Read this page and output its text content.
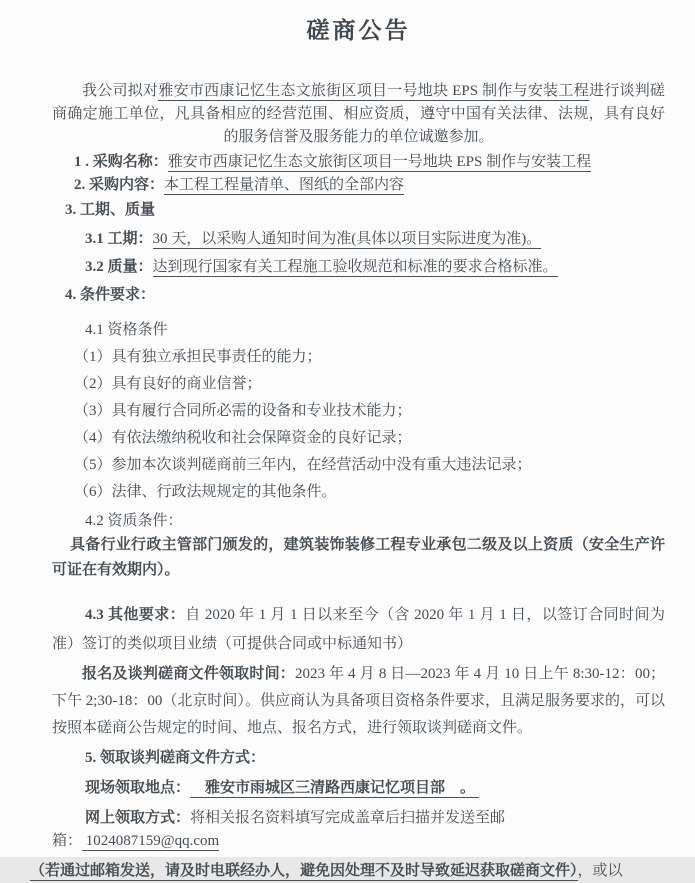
磋商公告

我公司拟对雅安市西康记忆生态文旅街区项目一号地块 EPS 制作与安装工程进行谈判磋商确定施工单位，凡具备相应的经营范围、相应资质，遵守中国有关法律、法规，具有良好的服务信誉及服务能力的单位诚邀参加。

1 . 采购名称：雅安市西康记忆生态文旅街区项目一号地块 EPS 制作与安装工程

2. 采购内容：本工程工程量清单、图纸的全部内容

3. 工期、质量

3.1 工期：30 天，以采购人通知时间为准(具体以项目实际进度为准)。

3.2 质量：达到现行国家有关工程施工验收规范和标准的要求合格标准。

4. 条件要求：

4.1 资格条件

（1）具有独立承担民事责任的能力；

（2）具有良好的商业信誉；

（3）具有履行合同所必需的设备和专业技术能力；

（4）有依法缴纳税收和社会保障资金的良好记录；

（5）参加本次谈判磋商前三年内，在经营活动中没有重大违法记录；

（6）法律、行政法规规定的其他条件。

4.2 资质条件：

具备行业行政主管部门颁发的，建筑装饰装修工程专业承包二级及以上资质（安全生产许可证在有效期内）。

4.3 其他要求：自 2020 年 1 月 1 日以来至今（含 2020 年 1 月 1 日，以签订合同时间为准）签订的类似项目业绩（可提供合同或中标通知书）

报名及谈判磋商文件领取时间：2023 年 4 月 8 日—2023 年 4 月 10 日上午 8:30-12：00；下午 2;30-18：00（北京时间）。供应商认为具备项目资格条件要求，且满足服务要求的，可以按照本磋商公告规定的时间、地点、报名方式，进行领取谈判磋商文件。

5. 领取谈判磋商文件方式：

现场领取地点：    雅安市雨城区三清路西康记忆项目部    。

网上领取方式：将相关报名资料填写完成盖章后扫描并发送至邮箱： 1024087159@qq.com

（若通过邮箱发送，请及时电联经办人，避免因处理不及时导致延迟获取磋商文件），或以
